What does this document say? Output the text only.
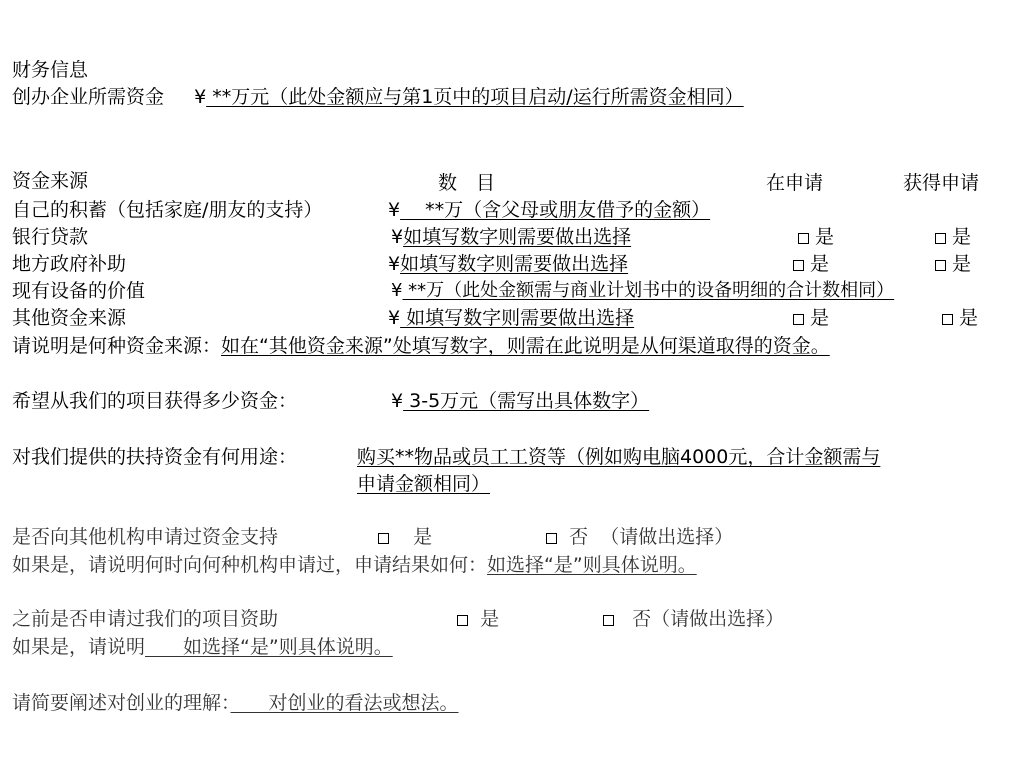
财务信息
创办企业所需资金 ¥ **万元（此处金额应与第1页中的项目启动/运行所需资金相同）
资金来源	数　目	在申请	获得申请
自己的积蓄（包括家庭/朋友的支持）	¥　 **万（含父母或朋友借予的金额）
银行贷款	¥如填写数字则需要做出选择	是	是
地方政府补助	¥如填写数字则需要做出选择	是	是
现有设备的价值	¥ **万（此处金额需与商业计划书中的设备明细的合计数相同）
其他资金来源	¥ 如填写数字则需要做出选择	是	是
请说明是何种资金来源：如在“其他资金来源”处填写数字，则需在此说明是从何渠道取得的资金。
希望从我们的项目获得多少资金：	¥ 3-5万元（需写出具体数字）
对我们提供的扶持资金有何用途：	购买**物品或员工工资等（例如购电脑4000元，合计金额需与
申请金额相同）
是否向其他机构申请过资金支持	是	否 （请做出选择）
如果是，请说明何时向何种机构申请过，申请结果如何：如选择“是”则具体说明。
之前是否申请过我们的项目资助	是	否（请做出选择）
如果是，请说明　　如选择“是”则具体说明。
请简要阐述对创业的理解：　　对创业的看法或想法。
